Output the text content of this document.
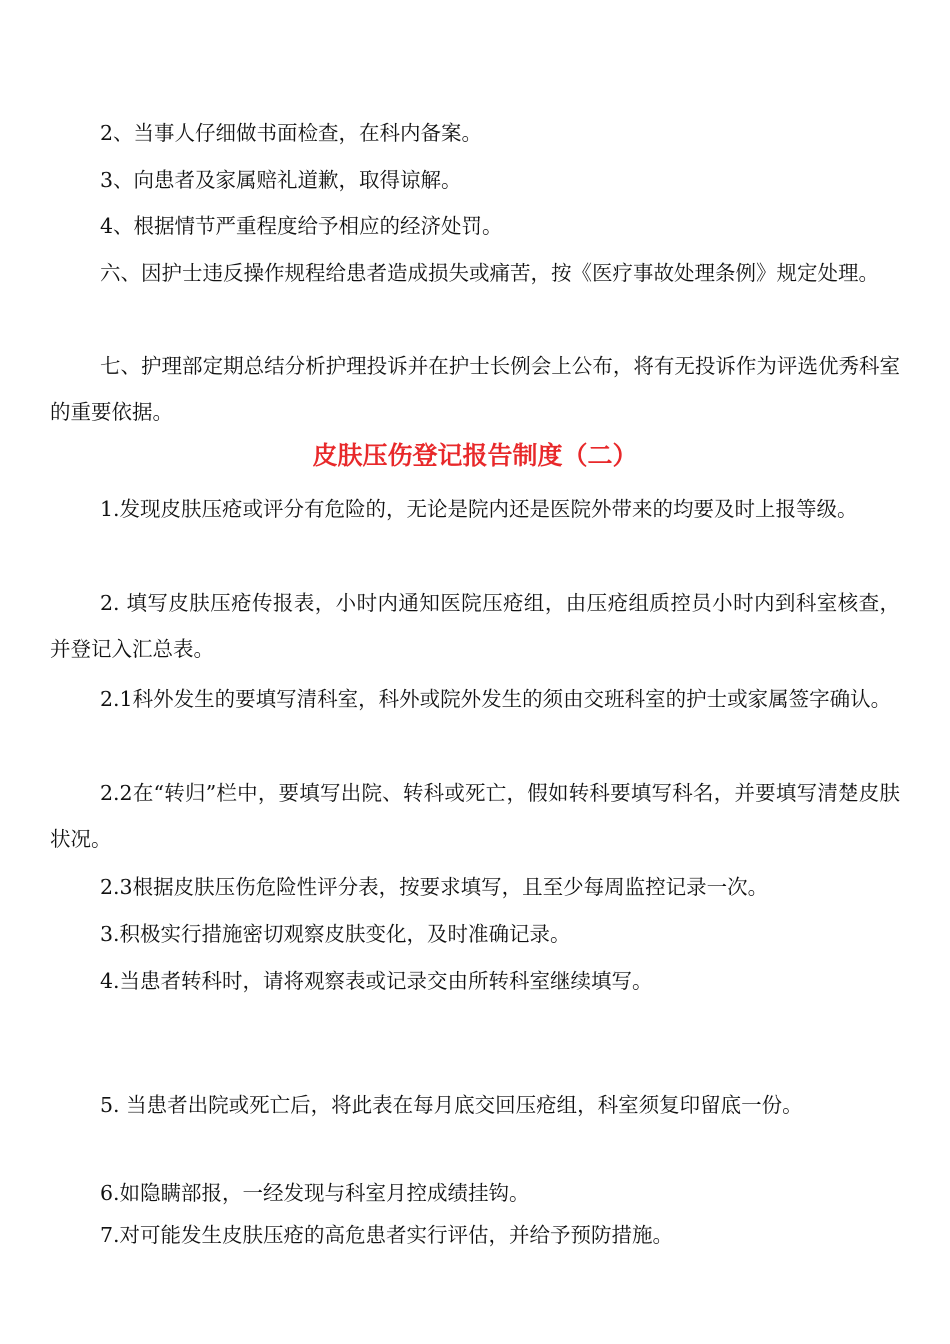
2、当事人仔细做书面检查，在科内备案。

3、向患者及家属赔礼道歉，取得谅解。

4、根据情节严重程度给予相应的经济处罚。

六、因护士违反操作规程给患者造成损失或痛苦，按《医疗事故处理条例》规定处理。

七、护理部定期总结分析护理投诉并在护士长例会上公布，将有无投诉作为评选优秀科室的重要依据。

皮肤压伤登记报告制度（二）

1.发现皮肤压疮或评分有危险的，无论是院内还是医院外带来的均要及时上报等级。

2. 填写皮肤压疮传报表，小时内通知医院压疮组，由压疮组质控员小时内到科室核查，并登记入汇总表。

2.1科外发生的要填写清科室，科外或院外发生的须由交班科室的护士或家属签字确认。

2.2在“转归”栏中，要填写出院、转科或死亡，假如转科要填写科名，并要填写清楚皮肤状况。

2.3根据皮肤压伤危险性评分表，按要求填写，且至少每周监控记录一次。

3.积极实行措施密切观察皮肤变化，及时准确记录。

4.当患者转科时，请将观察表或记录交由所转科室继续填写。

5. 当患者出院或死亡后，将此表在每月底交回压疮组，科室须复印留底一份。

6.如隐瞒部报，一经发现与科室月控成绩挂钩。

7.对可能发生皮肤压疮的高危患者实行评估，并给予预防措施。
